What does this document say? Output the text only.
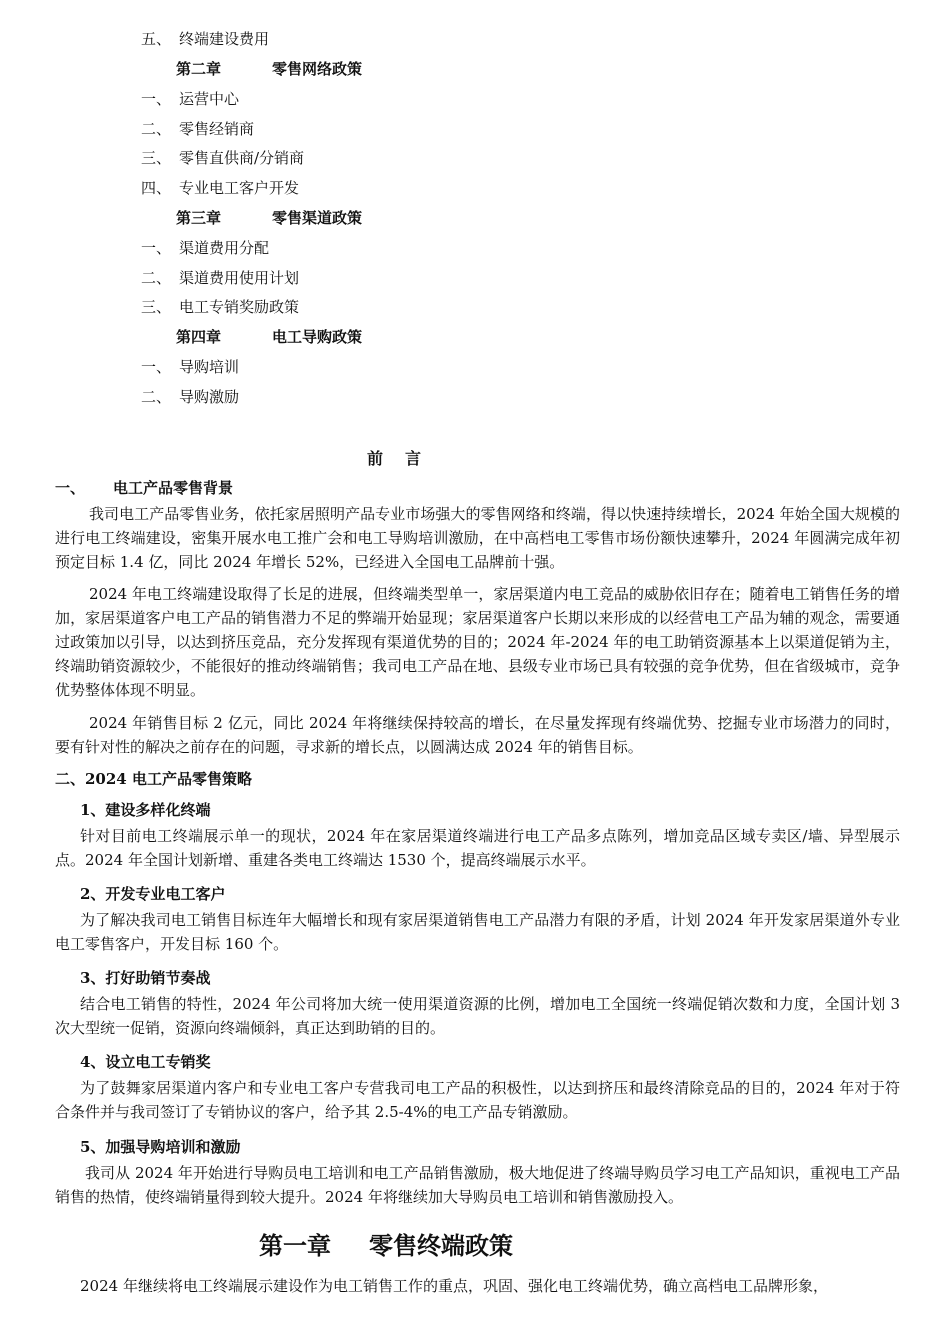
五、 终端建设费用
第二章	零售网络政策
一、 运营中心
二、 零售经销商
三、 零售直供商/分销商
四、 专业电工客户开发
第三章	零售渠道政策
一、 渠道费用分配
二、 渠道费用使用计划
三、 电工专销奖励政策
第四章	电工导购政策
一、 导购培训
二、 导购激励
前言
一、 电工产品零售背景

我司电工产品零售业务，依托家居照明产品专业市场强大的零售网络和终端，得以快速持续增长，2024 年始全国大规模的进行电工终端建设，密集开展水电工推广会和电工导购培训激励，在中高档电工零售市场份额快速攀升，2024 年圆满完成年初预定目标 1.4 亿，同比 2024 年增长 52%，已经进入全国电工品牌前十强。

2024 年电工终端建设取得了长足的进展，但终端类型单一，家居渠道内电工竞品的威胁依旧存在；随着电工销售任务的增加，家居渠道客户电工产品的销售潜力不足的弊端开始显现；家居渠道客户长期以来形成的以经营电工产品为辅的观念，需要通过政策加以引导，以达到挤压竞品，充分发挥现有渠道优势的目的；2024 年-2024 年的电工助销资源基本上以渠道促销为主，终端助销资源较少，不能很好的推动终端销售；我司电工产品在地、县级专业市场已具有较强的竞争优势，但在省级城市，竞争优势整体体现不明显。

2024 年销售目标 2 亿元，同比 2024 年将继续保持较高的增长，在尽量发挥现有终端优势、挖掘专业市场潜力的同时，要有针对性的解决之前存在的问题，寻求新的增长点，以圆满达成 2024 年的销售目标。

二、2024 电工产品零售策略
1、建设多样化终端

针对目前电工终端展示单一的现状，2024 年在家居渠道终端进行电工产品多点陈列，增加竞品区域专卖区/墙、异型展示点。2024 年全国计划新增、重建各类电工终端达 1530 个，提高终端展示水平。

2、开发专业电工客户

为了解决我司电工销售目标连年大幅增长和现有家居渠道销售电工产品潜力有限的矛盾，计划 2024 年开发家居渠道外专业电工零售客户，开发目标 160 个。

3、打好助销节奏战

结合电工销售的特性，2024 年公司将加大统一使用渠道资源的比例，增加电工全国统一终端促销次数和力度，全国计划 3 次大型统一促销，资源向终端倾斜，真正达到助销的目的。

4、设立电工专销奖

为了鼓舞家居渠道内客户和专业电工客户专营我司电工产品的积极性，以达到挤压和最终清除竞品的目的，2024 年对于符合条件并与我司签订了专销协议的客户，给予其 2.5-4%的电工产品专销激励。

5、加强导购培训和激励

我司从 2024 年开始进行导购员电工培训和电工产品销售激励，极大地促进了终端导购员学习电工产品知识，重视电工产品销售的热情，使终端销量得到较大提升。2024 年将继续加大导购员电工培训和销售激励投入。

第一章 零售终端政策

2024 年继续将电工终端展示建设作为电工销售工作的重点，巩固、强化电工终端优势，确立高档电工品牌形象，
